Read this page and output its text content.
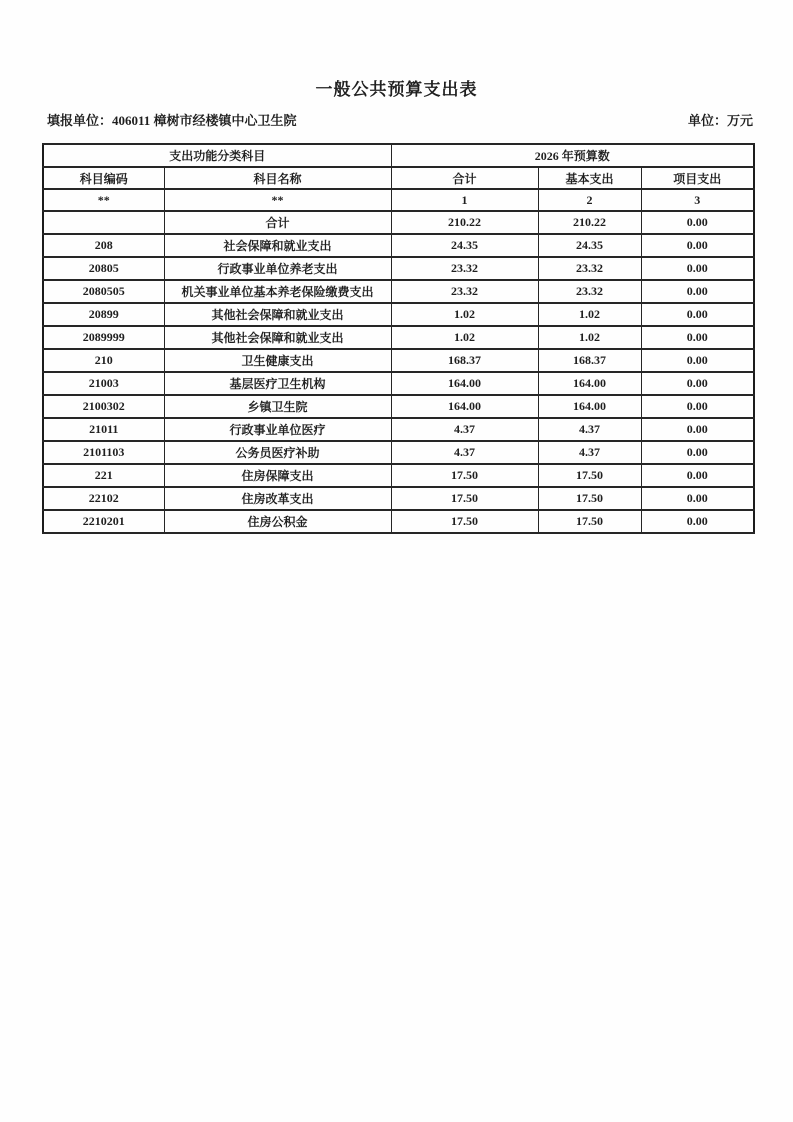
一般公共预算支出表
填报单位：406011 樟树市经楼镇中心卫生院	单位：万元
支出功能分类科目		2026 年预算数		
科目编码	科目名称	合计	基本支出	项目支出
**	**	1	2	3
	合计	210.22	210.22	0.00
208	社会保障和就业支出	24.35	24.35	0.00
20805	行政事业单位养老支出	23.32	23.32	0.00
2080505	机关事业单位基本养老保险缴费支出	23.32	23.32	0.00
20899	其他社会保障和就业支出	1.02	1.02	0.00
2089999	其他社会保障和就业支出	1.02	1.02	0.00
210	卫生健康支出	168.37	168.37	0.00
21003	基层医疗卫生机构	164.00	164.00	0.00
2100302	乡镇卫生院	164.00	164.00	0.00
21011	行政事业单位医疗	4.37	4.37	0.00
2101103	公务员医疗补助	4.37	4.37	0.00
221	住房保障支出	17.50	17.50	0.00
22102	住房改革支出	17.50	17.50	0.00
2210201	住房公积金	17.50	17.50	0.00
